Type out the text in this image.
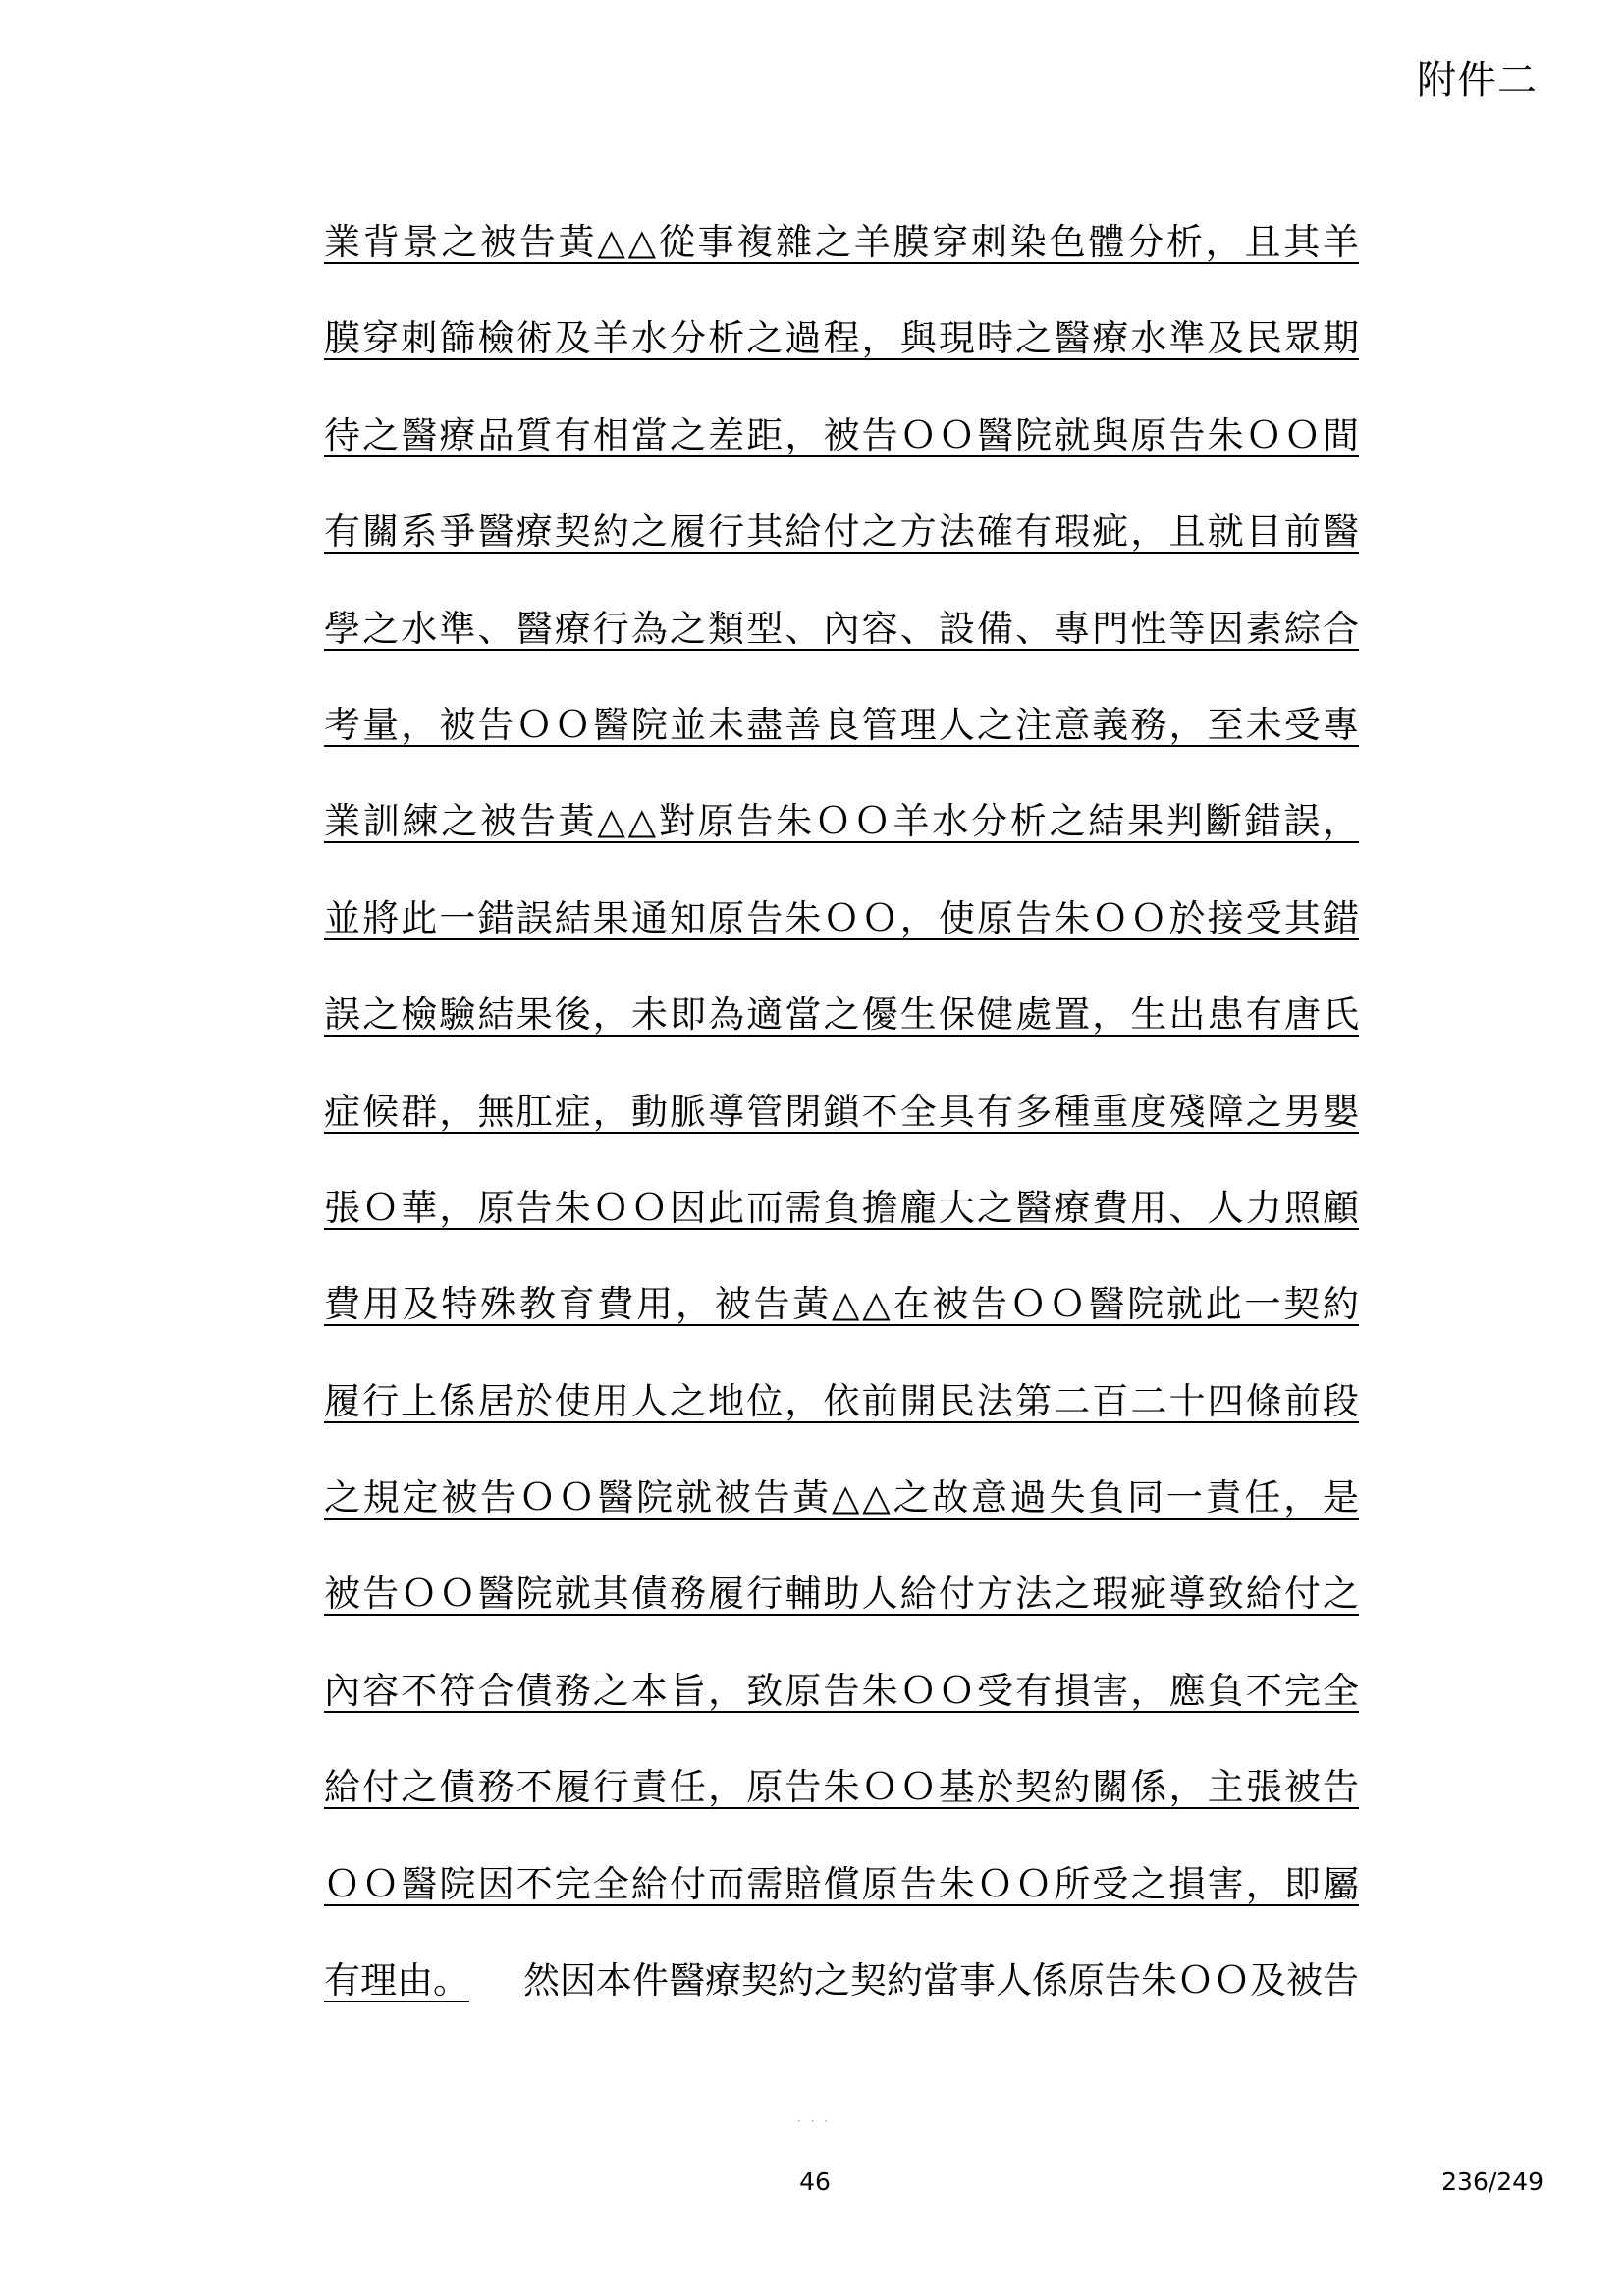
附件二
業背景之被告黃△△從事複雜之羊膜穿刺染色體分析，且其羊
膜穿刺篩檢術及羊水分析之過程，與現時之醫療水準及民眾期
待之醫療品質有相當之差距，被告ＯＯ醫院就與原告朱ＯＯ間
有關系爭醫療契約之履行其給付之方法確有瑕疵，且就目前醫
學之水準、醫療行為之類型、內容、設備、專門性等因素綜合
考量，被告ＯＯ醫院並未盡善良管理人之注意義務，至未受專
業訓練之被告黃△△對原告朱ＯＯ羊水分析之結果判斷錯誤，
並將此一錯誤結果通知原告朱ＯＯ，使原告朱ＯＯ於接受其錯
誤之檢驗結果後，未即為適當之優生保健處置，生出患有唐氏
症候群，無肛症，動脈導管閉鎖不全具有多種重度殘障之男嬰
張Ｏ華，原告朱ＯＯ因此而需負擔龐大之醫療費用、人力照顧
費用及特殊教育費用，被告黃△△在被告ＯＯ醫院就此一契約
履行上係居於使用人之地位，依前開民法第二百二十四條前段
之規定被告ＯＯ醫院就被告黃△△之故意過失負同一責任，是
被告ＯＯ醫院就其債務履行輔助人給付方法之瑕疵導致給付之
內容不符合債務之本旨，致原告朱ＯＯ受有損害，應負不完全
給付之債務不履行責任，原告朱ＯＯ基於契約關係，主張被告
ＯＯ醫院因不完全給付而需賠償原告朱ＯＯ所受之損害，即屬
有理由。 然因本件醫療契約之契約當事人係原告朱ＯＯ及被告
· · ·
46	236/249
